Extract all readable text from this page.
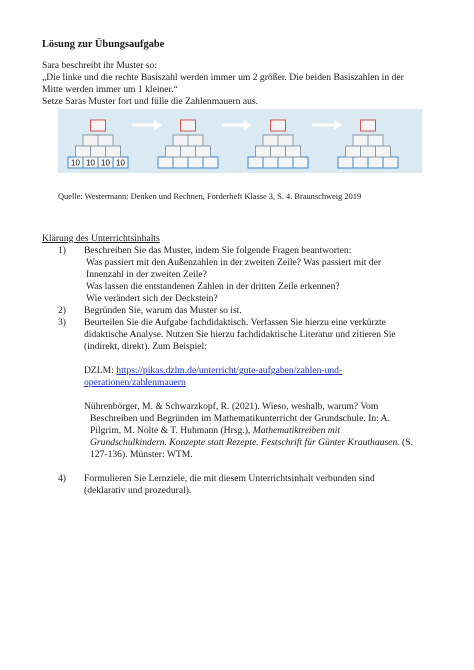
Lösung zur Übungsaufgabe
Sara beschreibt ihr Muster so:
„Die linke und die rechte Basiszahl werden immer um 2 größer. Die beiden Basiszahlen in der
Mitte werden immer um 1 kleiner.“
Setze Saras Muster fort und fülle die Zahlenmauern aus.
10 10 10 10
Quelle: Westermann: Denken und Rechnen, Forderheft Klasse 3, S. 4. Braunschweig 2019
Klärung des Unterrichtsinhalts
1) Beschreiben Sie das Muster, indem Sie folgende Fragen beantworten:
Was passiert mit den Außenzahlen in der zweiten Zeile? Was passiert mit der
Innenzahl in der zweiten Zeile?
Was lassen die entstandenen Zahlen in der dritten Zeile erkennen?
Wie verändert sich der Deckstein?
2) Begründen Sie, warum das Muster so ist.
3) Beurteilen Sie die Aufgabe fachdidaktisch. Verfassen Sie hierzu eine verkürzte
didaktische Analyse. Nutzen Sie hierzu fachdidaktische Literatur und zitieren Sie
(indirekt, direkt). Zum Beispiel:
DZLM: https://pikas.dzlm.de/unterricht/gute-aufgaben/zahlen-und-
operationen/zahlenmauern
Nührenbörger, M. & Schwarzkopf, R. (2021). Wieso, weshalb, warum? Vom
Beschreiben und Begründen im Mathematikunterricht der Grundschule. In: A.
Pilgrim, M. Nolte & T. Huhmann (Hrsg.), Mathematiktreiben mit
Grundschulkindern. Konzepte statt Rezepte. Festschrift für Günter Krauthausen. (S.
127-136). Münster: WTM.
4) Formulieren Sie Lernziele, die mit diesem Unterrichtsinhalt verbunden sind
(deklarativ und prozedural).
